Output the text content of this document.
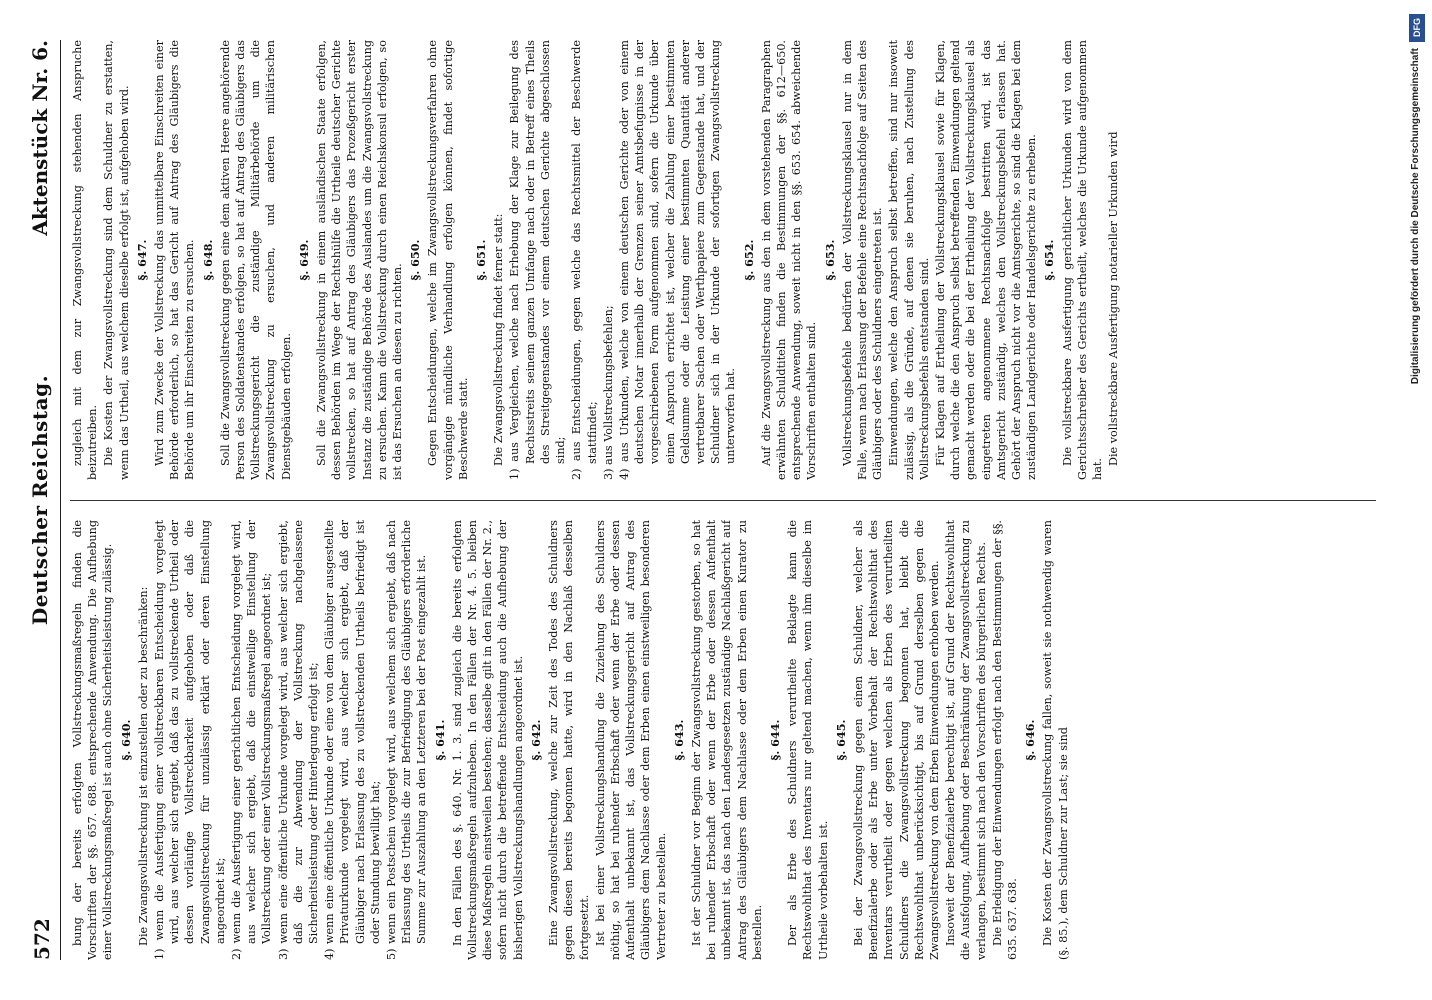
572
Deutscher Reichstag.
Aktenstück Nr. 6.

bung der bereits erfolgten Vollstreckungsmaßregeln finden die Vorschriften der §§. 657. 688. entsprechende Anwendung. Die Aufhebung einer Vollstreckungsmaßregel ist auch ohne Sicherheitsleistung zulässig. §. 640. Die Zwangsvollstreckung ist einzustellen oder zu beschränken: 1) wenn die Ausfertigung einer vollstreckbaren Entscheidung vorgelegt wird, aus welcher sich ergiebt, daß das zu vollstreckende Urtheil oder dessen vorläufige Vollstreckbarkeit aufgehoben oder daß die Zwangsvollstreckung für unzulässig erklärt oder deren Einstellung angeordnet ist; 2) wenn die Ausfertigung einer gerichtlichen Entscheidung vorgelegt wird, aus welcher sich ergiebt, daß die einstweilige Einstellung der Vollstreckung oder einer Vollstreckungsmaßregel angeordnet ist; 3) wenn eine öffentliche Urkunde vorgelegt wird, aus welcher sich ergiebt, daß die zur Abwendung der Vollstreckung nachgelassene Sicherheitsleistung oder Hinterlegung erfolgt ist; 4) wenn eine öffentliche Urkunde oder eine von dem Gläubiger ausgestellte Privaturkunde vorgelegt wird, aus welcher sich ergiebt, daß der Gläubiger nach Erlassung des zu vollstreckenden Urtheils befriedigt ist oder Stundung bewilligt hat; 5) wenn ein Postschein vorgelegt wird, aus welchem sich ergiebt, daß nach Erlassung des Urtheils die zur Befriedigung des Gläubigers erforderliche Summe zur Auszahlung an den Letzteren bei der Post eingezahlt ist. §. 641. In den Fällen des §. 640. Nr. 1. 3. sind zugleich die bereits erfolgten Vollstreckungsmaßregeln aufzuheben. In den Fällen der Nr. 4. 5. bleiben diese Maßregeln einstweilen bestehen; dasselbe gilt in den Fällen der Nr. 2., sofern nicht durch die betreffende Entscheidung auch die Aufhebung der bisherigen Vollstreckungshandlungen angeordnet ist. §. 642. Eine Zwangsvollstreckung, welche zur Zeit des Todes des Schuldners gegen diesen bereits begonnen hatte, wird in den Nachlaß desselben fortgesetzt. Ist bei einer Vollstreckungshandlung die Zuziehung des Schuldners nöthig, so hat bei ruhender Erbschaft oder wenn der Erbe oder dessen Aufenthalt unbekannt ist, das Vollstreckungsgericht auf Antrag des Gläubigers dem Nachlasse oder dem Erben einen einstweiligen besonderen Vertreter zu bestellen.

§. 643. Ist der Schuldner vor Beginn der Zwangsvollstreckung gestorben, so hat bei ruhender Erbschaft oder wenn der Erbe oder dessen Aufenthalt unbekannt ist, das nach den Landesgesetzen zuständige Nachlaßgericht auf Antrag des Gläubigers dem Nachlasse oder dem Erben einen Kurator zu bestellen.

§. 644. Der als Erbe des Schuldners verurtheilte Beklagte kann die Rechtswohlthat des Inventars nur geltend machen, wenn ihm dieselbe im Urtheile vorbehalten ist.

§. 645. Bei der Zwangsvollstreckung gegen einen Schuldner, welcher als Benefizialerbe oder als Erbe unter Vorbehalt der Rechtswohlthat des Inventars verurtheilt oder gegen welchen als Erben des verurtheilten Schuldners die Zwangsvollstreckung begonnen hat, bleibt die Rechtswohlthat unberücksichtigt, bis auf Grund derselben gegen die Zwangsvollstreckung von dem Erben Einwendungen erhoben werden. Insoweit der Benefizialerbe berechtigt ist, auf Grund der Rechtswohlthat die Ausfolgung, Aufhebung oder Beschränkung der Zwangsvollstreckung zu verlangen, bestimmt sich nach den Vorschriften des bürgerlichen Rechts. Die Erledigung der Einwendungen erfolgt nach den Bestimmungen der §§. 635. 637. 638.

§. 646. Die Kosten der Zwangsvollstreckung fallen, soweit sie nothwendig waren (§. 85.), dem Schuldner zur Last; sie sind

zugleich mit dem zur Zwangsvollstreckung stehenden Anspruche beizutreiben. Die Kosten der Zwangsvollstreckung sind dem Schuldner zu erstatten, wenn das Urtheil, aus welchem dieselbe erfolgt ist, aufgehoben wird. §. 647. Wird zum Zwecke der Vollstreckung das unmittelbare Einschreiten einer Behörde erforderlich, so hat das Gericht auf Antrag des Gläubigers die Behörde um ihr Einschreiten zu ersuchen. §. 648. Soll die Zwangsvollstreckung gegen eine dem aktiven Heere angehörende Person des Soldatenstandes erfolgen, so hat auf Antrag des Gläubigers das Vollstreckungsgericht die zuständige Militärbehörde um die Zwangsvollstreckung zu ersuchen, und anderen militärischen Dienstgebäuden erfolgen.

§. 649. Soll die Zwangsvollstreckung in einem ausländischen Staate erfolgen, dessen Behörden im Wege der Rechtshülfe die Urtheile deutscher Gerichte vollstrecken, so hat auf Antrag des Gläubigers das Prozeßgericht erster Instanz die zuständige Behörde des Auslandes um die Zwangsvollstreckung zu ersuchen. Kann die Vollstreckung durch einen Reichskonsul erfolgen, so ist das Ersuchen an diesen zu richten.

§. 650. Gegen Entscheidungen, welche im Zwangsvollstreckungsverfahren ohne vorgängige mündliche Verhandlung erfolgen können, findet sofortige Beschwerde statt.

§. 651. Die Zwangsvollstreckung findet ferner statt: 1) aus Vergleichen, welche nach Erhebung der Klage zur Beilegung des Rechtsstreits seinem ganzen Umfange nach oder in Betreff eines Theils des Streitgegenstandes vor einem deutschen Gerichte abgeschlossen sind; 2) aus Entscheidungen, gegen welche das Rechtsmittel der Beschwerde stattfindet; 3) aus Vollstreckungsbefehlen; 4) aus Urkunden, welche von einem deutschen Gerichte oder von einem deutschen Notar innerhalb der Grenzen seiner Amtsbefugnisse in der vorgeschriebenen Form aufgenommen sind, sofern die Urkunde über einen Anspruch errichtet ist, welcher die Zahlung einer bestimmten Geldsumme oder die Leistung einer bestimmten Quantität anderer vertretbarer Sachen oder Werthpapiere zum Gegenstande hat, und der Schuldner sich in der Urkunde der sofortigen Zwangsvollstreckung unterworfen hat.

§. 652. Auf die Zwangsvollstreckung aus den in dem vorstehenden Paragraphen erwähnten Schuldtiteln finden die Bestimmungen der §§. 612—650. entsprechende Anwendung, soweit nicht in den §§. 653. 654. abweichende Vorschriften enthalten sind.

§. 653. Vollstreckungsbefehle bedürfen der Vollstreckungsklausel nur in dem Falle, wenn nach Erlassung der Befehle eine Rechtsnachfolge auf Seiten des Gläubigers oder des Schuldners eingetreten ist. Einwendungen, welche den Anspruch selbst betreffen, sind nur insoweit zulässig, als die Gründe, auf denen sie beruhen, nach Zustellung des Vollstreckungsbefehls entstanden sind. Für Klagen auf Ertheilung der Vollstreckungsklausel sowie für Klagen, durch welche die den Anspruch selbst betreffenden Einwendungen geltend gemacht werden oder die bei der Ertheilung der Vollstreckungsklausel als eingetreten angenommene Rechtsnachfolge bestritten wird, ist das Amtsgericht zuständig, welches den Vollstreckungsbefehl erlassen hat. Gehört der Anspruch nicht vor die Amtsgerichte, so sind die Klagen bei dem zuständigen Landgerichte oder Handelsgerichte zu erheben. §. 654. Die vollstreckbare Ausfertigung gerichtlicher Urkunden wird von dem Gerichtsschreiber des Gerichts ertheilt, welches die Urkunde aufgenommen hat.

Die vollstreckbare Ausfertigung notarieller Urkunden wird

DFG
Digitalisierung gefördert durch die Deutsche Forschungsgemeinschaft
